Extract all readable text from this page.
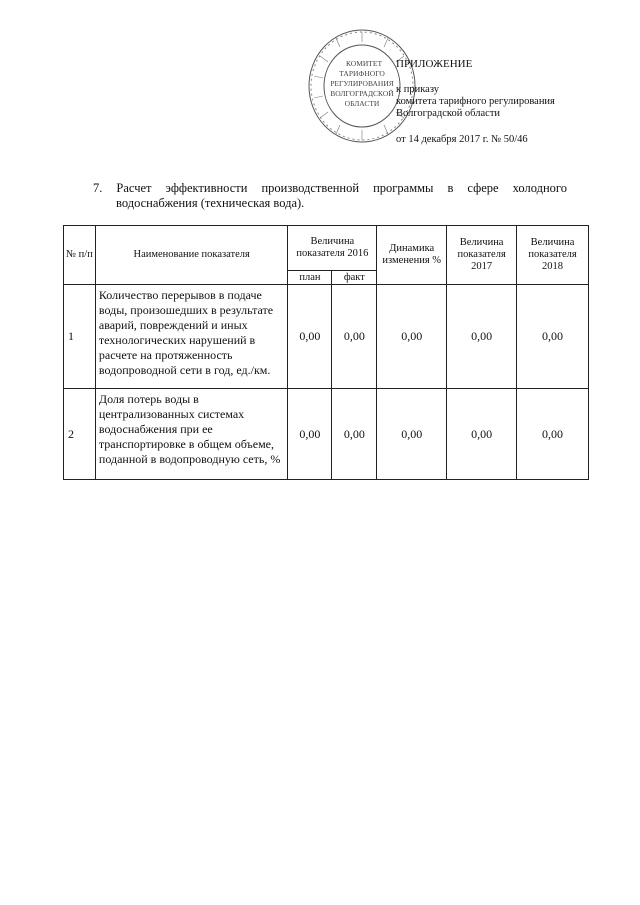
КОМИТЕТ
ТАРИФНОГО
РЕГУЛИРОВАНИЯ
ВОЛГОГРАДСКОЙ
ОБЛАСТИ
ПРИЛОЖЕНИЕ
к приказу
комитета тарифного регулирования
Волгоградской области
от 14 декабря 2017 г. № 50/46
7. Расчет эффективности производственной программы в сфере холодного
водоснабжения (техническая вода).
№ п/п	Наименование показателя	Величина показателя 2016		Динамика изменения %	Величина показателя 2017	Величина показателя 2018
		план	факт			
1	Количество перерывов в подаче воды, произошедших в результате аварий, повреждений и иных технологических нарушений в расчете на протяженность водопроводной сети в год, ед./км.	0,00	0,00	0,00	0,00	0,00
2	Доля потерь воды в централизованных системах водоснабжения при ее транспортировке в общем объеме, поданной в водопроводную сеть, %	0,00	0,00	0,00	0,00	0,00
